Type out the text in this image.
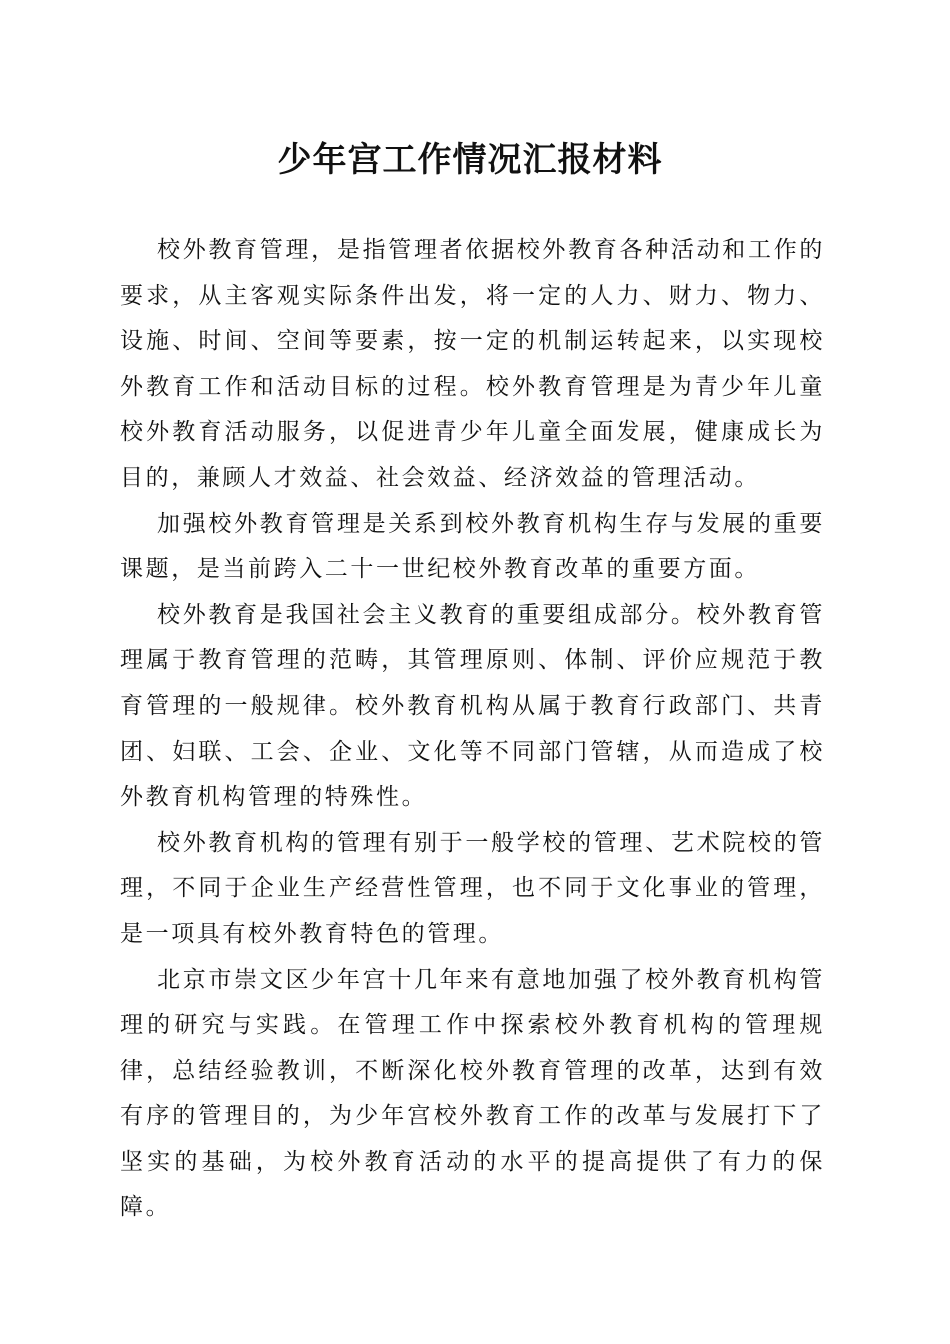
少年宫工作情况汇报材料

校外教育管理，是指管理者依据校外教育各种活动和工作的要求，从主客观实际条件出发，将一定的人力、财力、物力、设施、时间、空间等要素，按一定的机制运转起来，以实现校外教育工作和活动目标的过程。校外教育管理是为青少年儿童校外教育活动服务，以促进青少年儿童全面发展，健康成长为目的，兼顾人才效益、社会效益、经济效益的管理活动。

加强校外教育管理是关系到校外教育机构生存与发展的重要课题，是当前跨入二十一世纪校外教育改革的重要方面。

校外教育是我国社会主义教育的重要组成部分。校外教育管理属于教育管理的范畴，其管理原则、体制、评价应规范于教育管理的一般规律。校外教育机构从属于教育行政部门、共青团、妇联、工会、企业、文化等不同部门管辖，从而造成了校外教育机构管理的特殊性。

校外教育机构的管理有别于一般学校的管理、艺术院校的管理，不同于企业生产经营性管理，也不同于文化事业的管理，是一项具有校外教育特色的管理。

北京市崇文区少年宫十几年来有意地加强了校外教育机构管理的研究与实践。在管理工作中探索校外教育机构的管理规律，总结经验教训，不断深化校外教育管理的改革，达到有效有序的管理目的，为少年宫校外教育工作的改革与发展打下了坚实的基础，为校外教育活动的水平的提高提供了有力的保障。
